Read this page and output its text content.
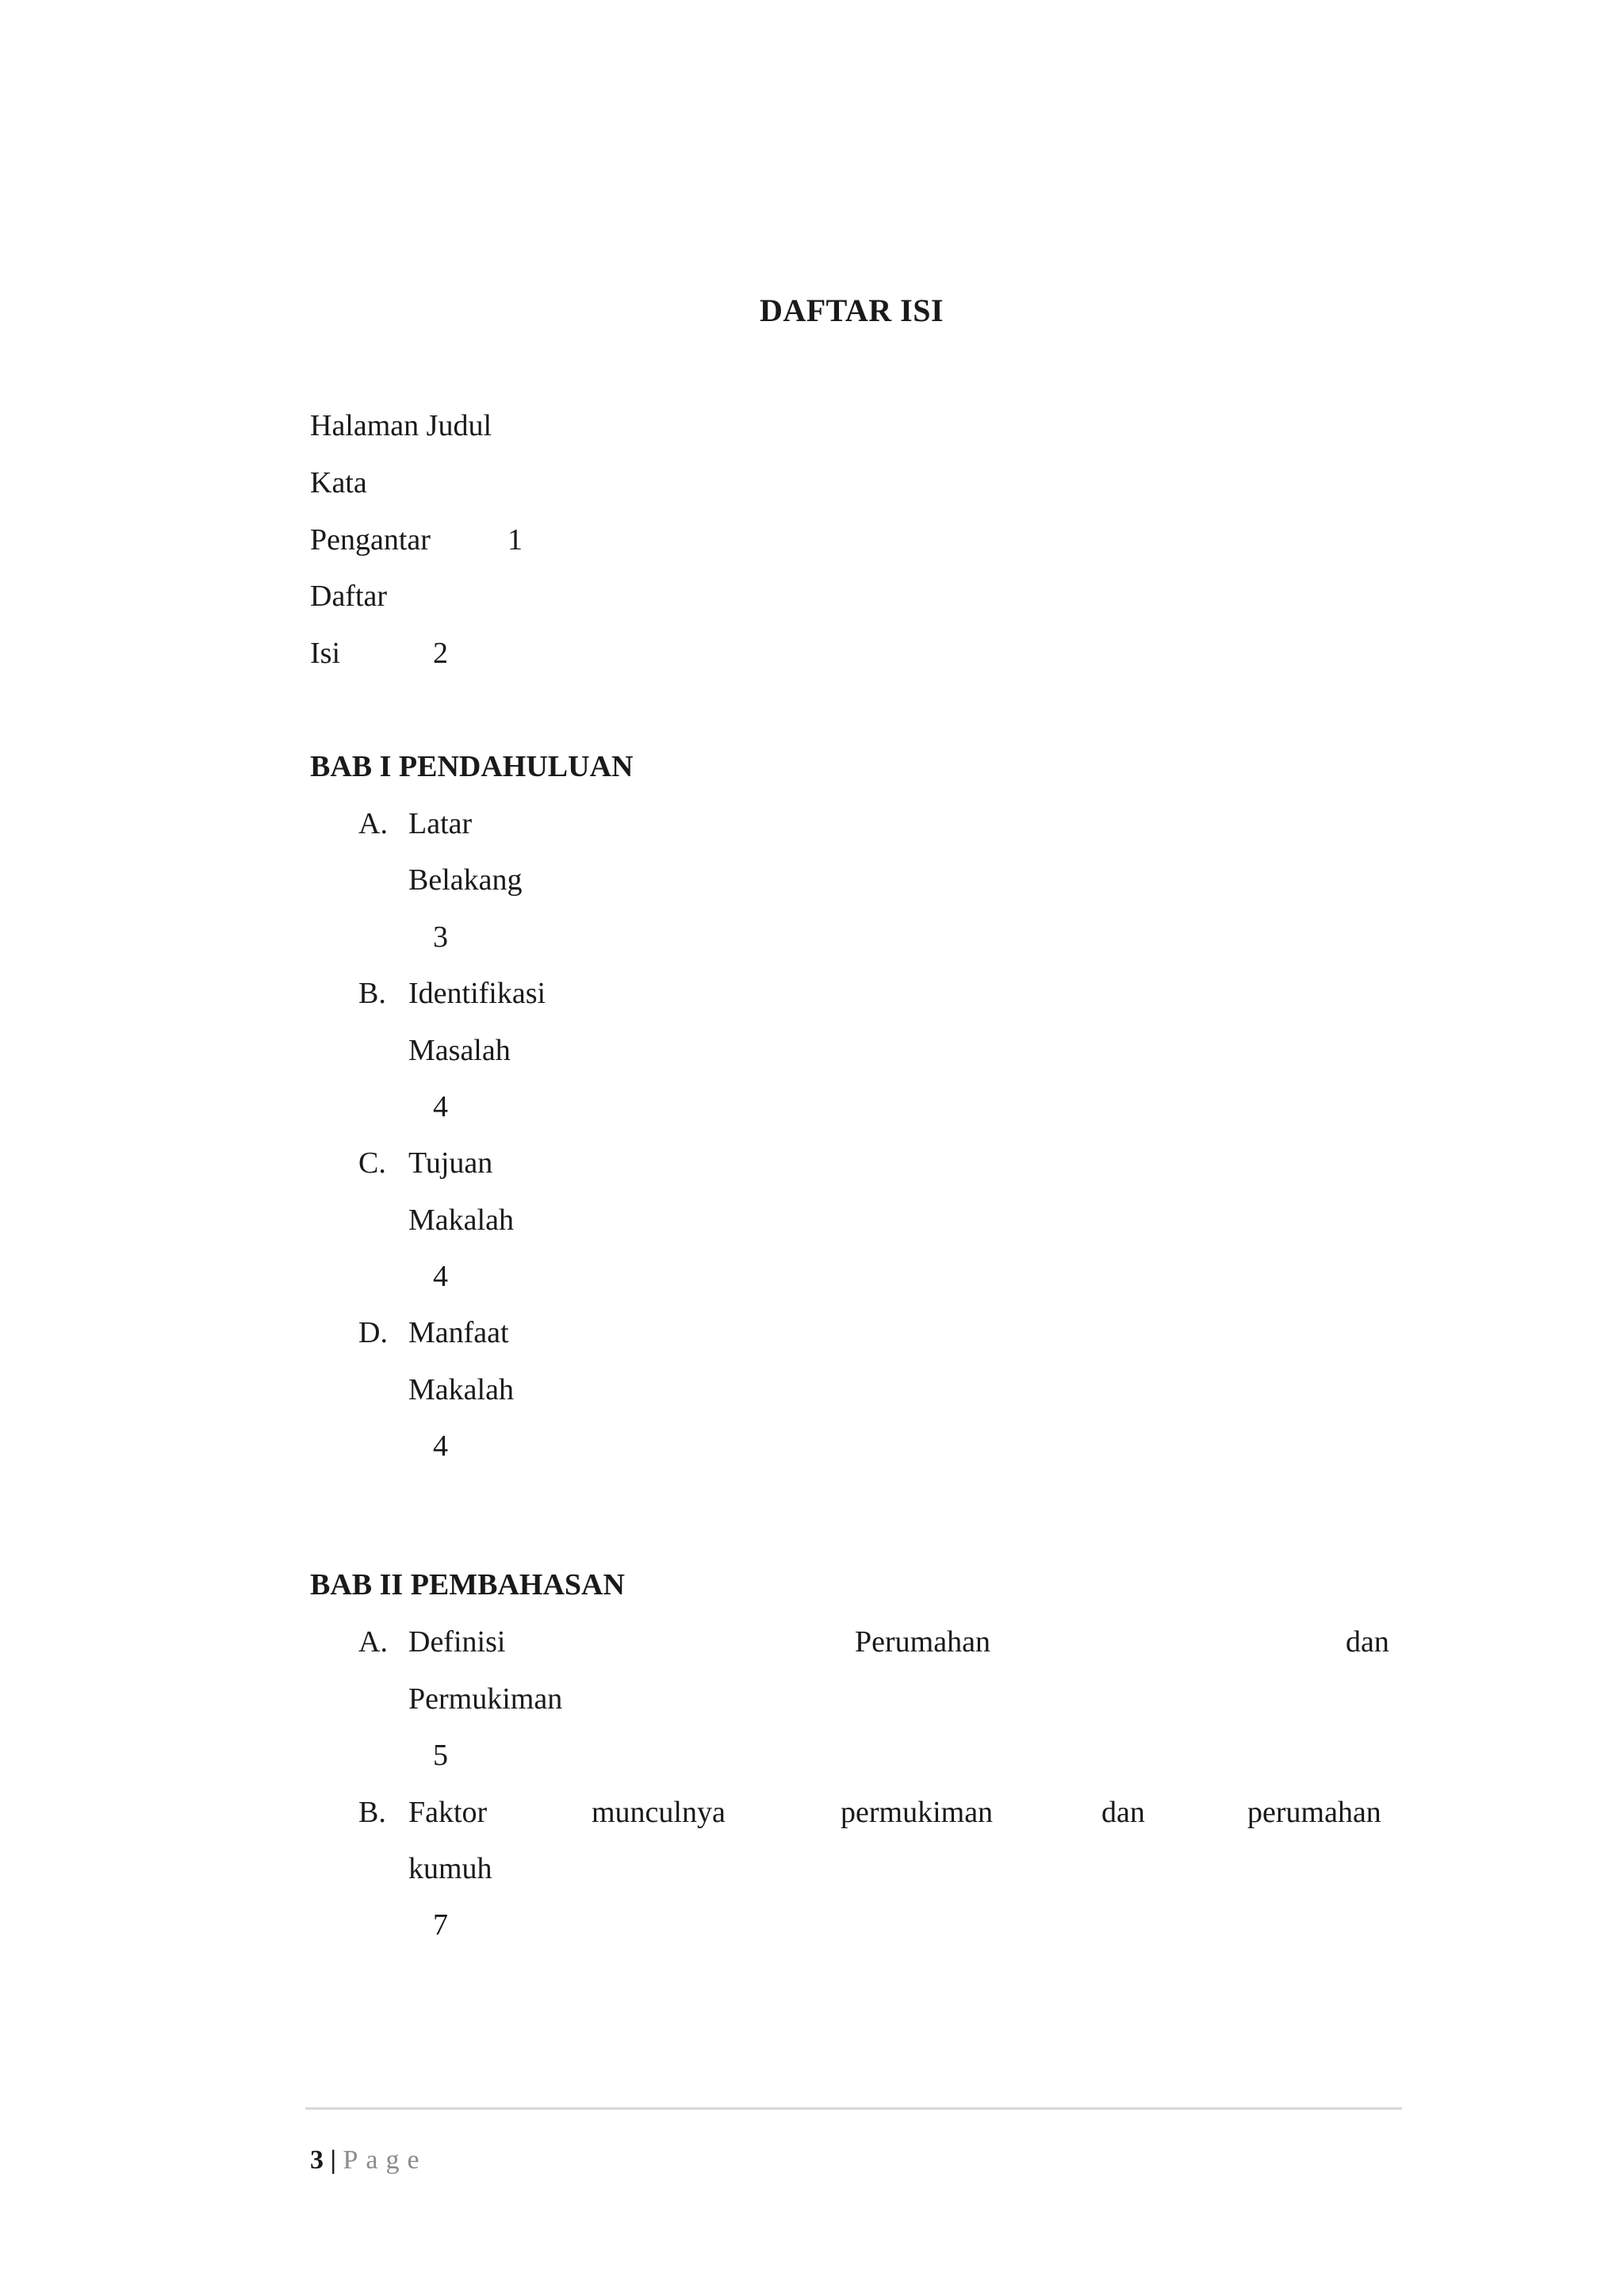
DAFTAR ISI
Halaman Judul
Kata
Pengantar	1
Daftar
Isi	2
BAB I PENDAHULUAN
A. Latar
Belakang
3
B. Identifikasi
Masalah
4
C. Tujuan
Makalah
4
D. Manfaat
Makalah
4
BAB II PEMBAHASAN
A. Definisi	Perumahan	dan
Permukiman
5
B. Faktor	munculnya	permukiman	dan	perumahan
kumuh
7
3 | Page
